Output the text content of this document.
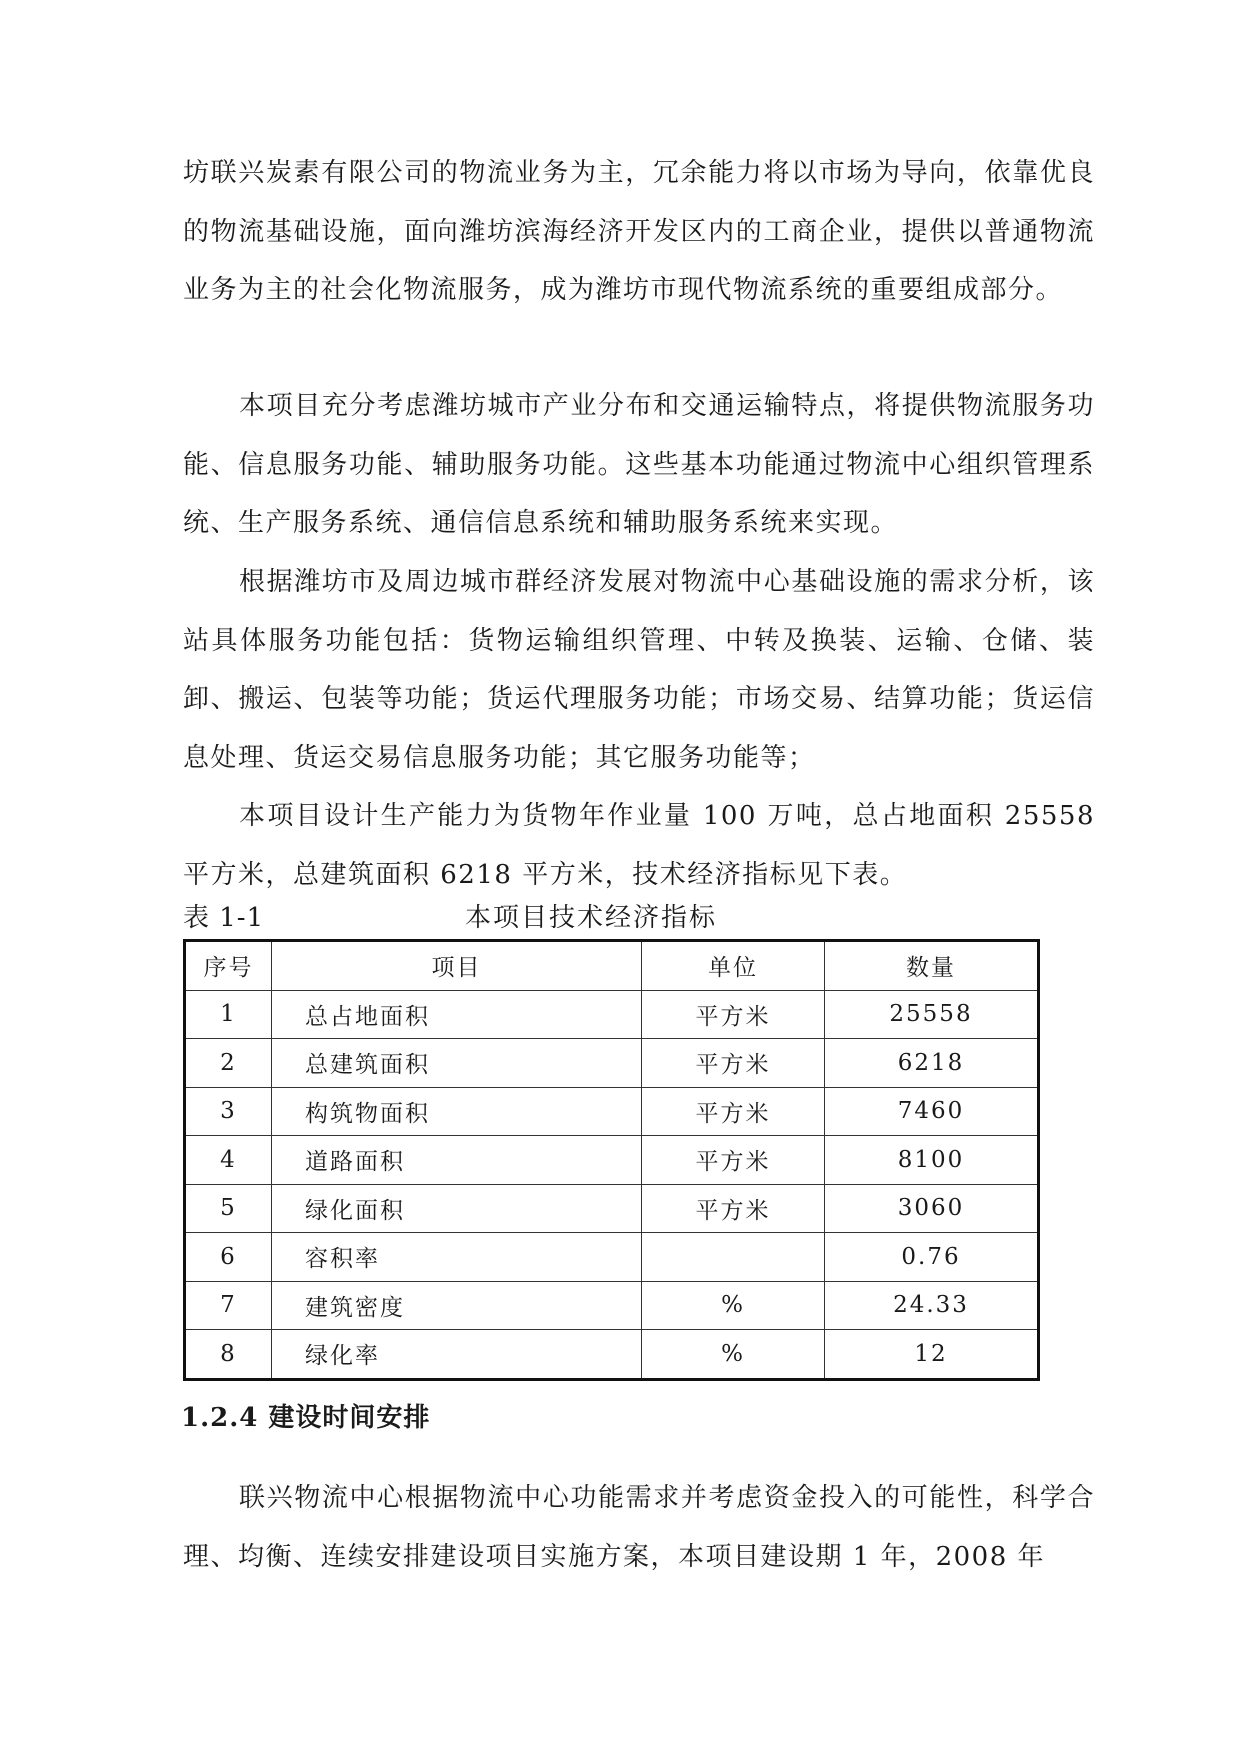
坊联兴炭素有限公司的物流业务为主，冗余能力将以市场为导向，依靠优良的物流基础设施，面向潍坊滨海经济开发区内的工商企业，提供以普通物流业务为主的社会化物流服务，成为潍坊市现代物流系统的重要组成部分。

本项目充分考虑潍坊城市产业分布和交通运输特点，将提供物流服务功能、信息服务功能、辅助服务功能。这些基本功能通过物流中心组织管理系统、生产服务系统、通信信息系统和辅助服务系统来实现。

根据潍坊市及周边城市群经济发展对物流中心基础设施的需求分析，该站具体服务功能包括：货物运输组织管理、中转及换装、运输、仓储、装卸、搬运、包装等功能；货运代理服务功能；市场交易、结算功能；货运信息处理、货运交易信息服务功能；其它服务功能等；

本项目设计生产能力为货物年作业量 100 万吨，总占地面积 25558 平方米，总建筑面积 6218 平方米，技术经济指标见下表。

表 1-1	本项目技术经济指标
序号	项目	单位	数量
1	总占地面积	平方米	25558
2	总建筑面积	平方米	6218
3	构筑物面积	平方米	7460
4	道路面积	平方米	8100
5	绿化面积	平方米	3060
6	容积率		0.76
7	建筑密度	%	24.33
8	绿化率	%	12
1.2.4 建设时间安排

联兴物流中心根据物流中心功能需求并考虑资金投入的可能性，科学合理、均衡、连续安排建设项目实施方案，本项目建设期 1 年，2008 年
